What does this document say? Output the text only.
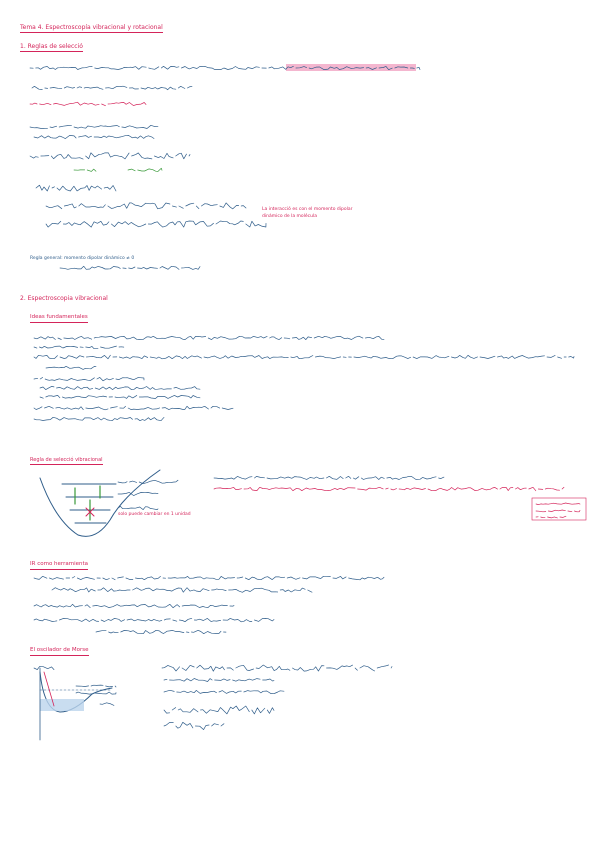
Tema 4. Espectroscopía vibracional y rotacional
1. Reglas de selecció
La interacció es con el momento dipolar dinámico de la molécula
Regla general: momento dipolar dinámico ≠ 0
2. Espectroscopia vibracional
Ideas fundamentales
Regla de selecció vibracional
solo puede cambiar en 1 unidad
IR como herramienta
El oscilador de Morse
